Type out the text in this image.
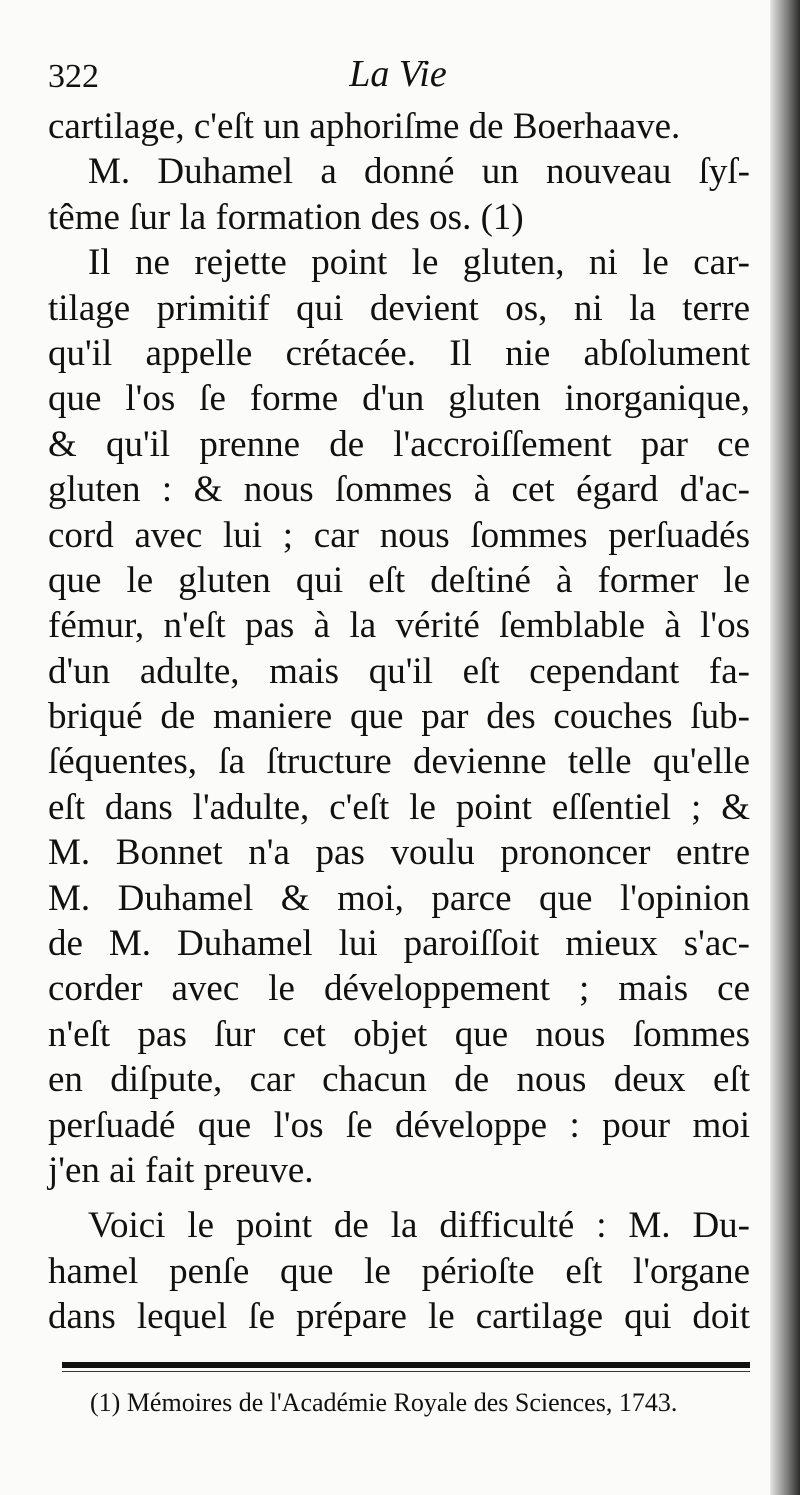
322	La Vie
cartilage, c'eſt un aphoriſme de Boerhaave.
M. Duhamel a donné un nouveau ſyſ-
tême ſur la formation des os. (1)
Il ne rejette point le gluten, ni le car-
tilage primitif qui devient os, ni la terre
qu'il appelle crétacée. Il nie abſolument
que l'os ſe forme d'un gluten inorganique,
& qu'il prenne de l'accroiſſement par ce
gluten : & nous ſommes à cet égard d'ac-
cord avec lui ; car nous ſommes perſuadés
que le gluten qui eſt deſtiné à former le
fémur, n'eſt pas à la vérité ſemblable à l'os
d'un adulte, mais qu'il eſt cependant fa-
briqué de maniere que par des couches ſub-
ſéquentes, ſa ſtructure devienne telle qu'elle
eſt dans l'adulte, c'eſt le point eſſentiel ; &
M. Bonnet n'a pas voulu prononcer entre
M. Duhamel & moi, parce que l'opinion
de M. Duhamel lui paroiſſoit mieux s'ac-
corder avec le développement ; mais ce
n'eſt pas ſur cet objet que nous ſommes
en diſpute, car chacun de nous deux eſt
perſuadé que l'os ſe développe : pour moi
j'en ai fait preuve.
Voici le point de la difficulté : M. Du-
hamel penſe que le périoſte eſt l'organe
dans lequel ſe prépare le cartilage qui doit
(1) Mémoires de l'Académie Royale des Sciences, 1743.
